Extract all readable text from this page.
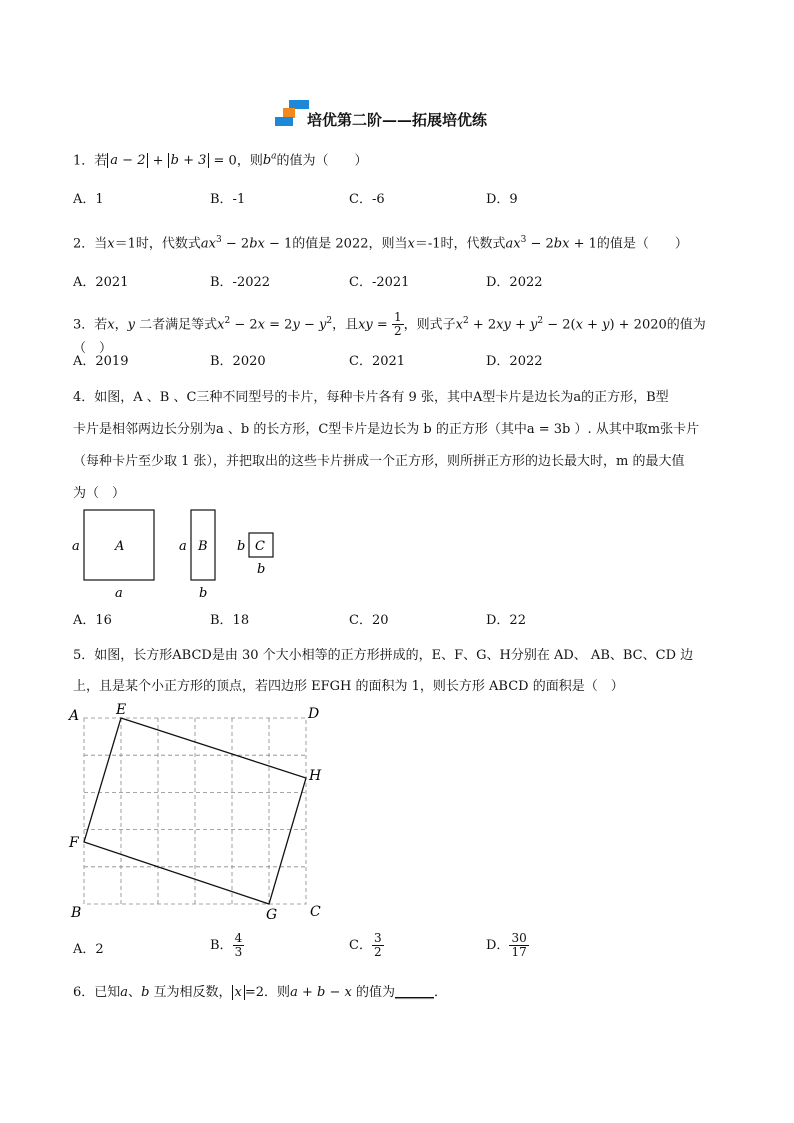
培优第二阶——拓展培优练
1．若 a − 2 + b + 3 = 0，则$b^a$的值为（　　）
A．1	B．-1	C．-6	D．9
2．当x＝1时，代数式$ax^3 - 2bx - 1$的值是 2022，则当x＝-1时，代数式$ax^3 - 2bx + 1$的值是（　　）
A．2021	B．-2022	C．-2021	D．2022
3．若x，y 二者满足等式$x^2 - 2x = 2y - y^2$，且xy = $\frac{1}{2}$ ，则式子$x^2 + 2xy + y^2 - 2(x + y) + 2020$的值为（　）
A．2019	B．2020	C．2021	D．2022
4．如图，A 、B 、C三种不同型号的卡片，每种卡片各有 9 张，其中A型卡片是边长为a的正方形，B型
卡片是相邻两边长分别为a 、b 的长方形，C型卡片是边长为 b 的正方形（其中a = 3b ）. 从其中取m张卡片
（每种卡片至少取 1 张），并把取出的这些卡片拼成一个正方形，则所拼正方形的边长最大时，m 的最大值
为（　）
A
a
a
B
a
b
C
b
b
A．16	B．18	C．20	D．22
5．如图，长方形ABCD是由 30 个大小相等的正方形拼成的，E、F、G、H分别在 AD、 AB、BC、CD 边
上，且是某个小正方形的顶点，若四边形 EFGH 的面积为 1，则长方形 ABCD 的面积是（　）
A	E	D
H
F
B	G C
A．2	B． $\frac{4}{3}$	C． $\frac{3}{2}$	D． $\frac{30}{17}$
6．已知a、b 互为相反数， x =2．则a + b − x 的值为______．
